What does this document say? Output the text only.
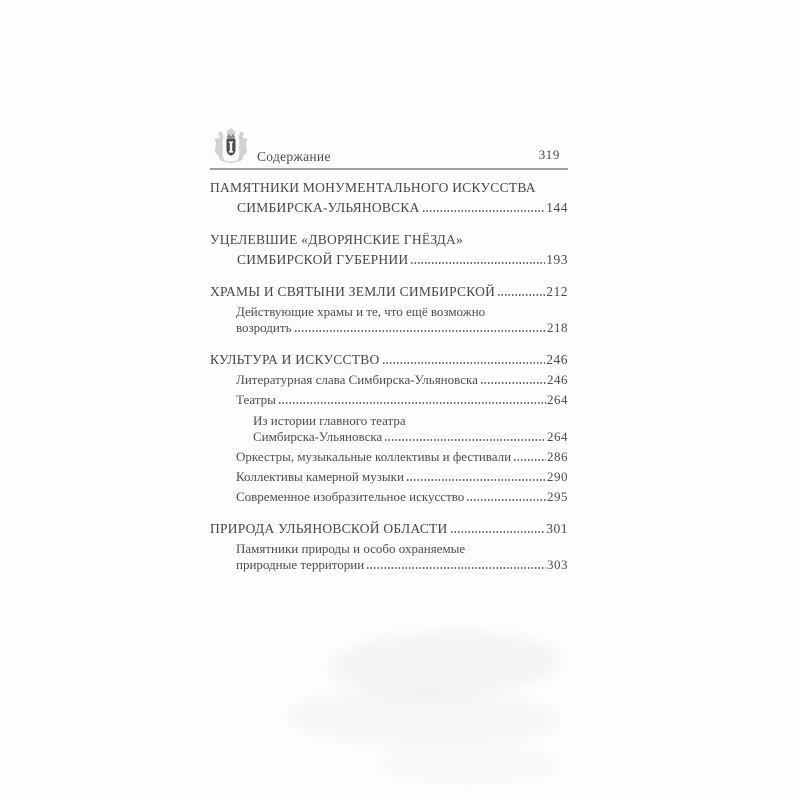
Содержание	319
ПАМЯТНИКИ МОНУМЕНТАЛЬНОГО ИСКУССТВА
СИМБИРСКА-УЛЬЯНОВСКА	144
УЦЕЛЕВШИЕ «ДВОРЯНСКИЕ ГНЁЗДА»
СИМБИРСКОЙ ГУБЕРНИИ	193
ХРАМЫ И СВЯТЫНИ ЗЕМЛИ СИМБИРСКОЙ	212
Действующие храмы и те, что ещё возможно
возродить	218
КУЛЬТУРА И ИСКУССТВО	246
Литературная слава Симбирска-Ульяновска	246
Театры	264
Из истории главного театра
Симбирска-Ульяновска	264
Оркестры, музыкальные коллективы и фестивали	286
Коллективы камерной музыки	290
Современное изобразительное искусство	295
ПРИРОДА УЛЬЯНОВСКОЙ ОБЛАСТИ	301
Памятники природы и особо охраняемые
природные территории	303
